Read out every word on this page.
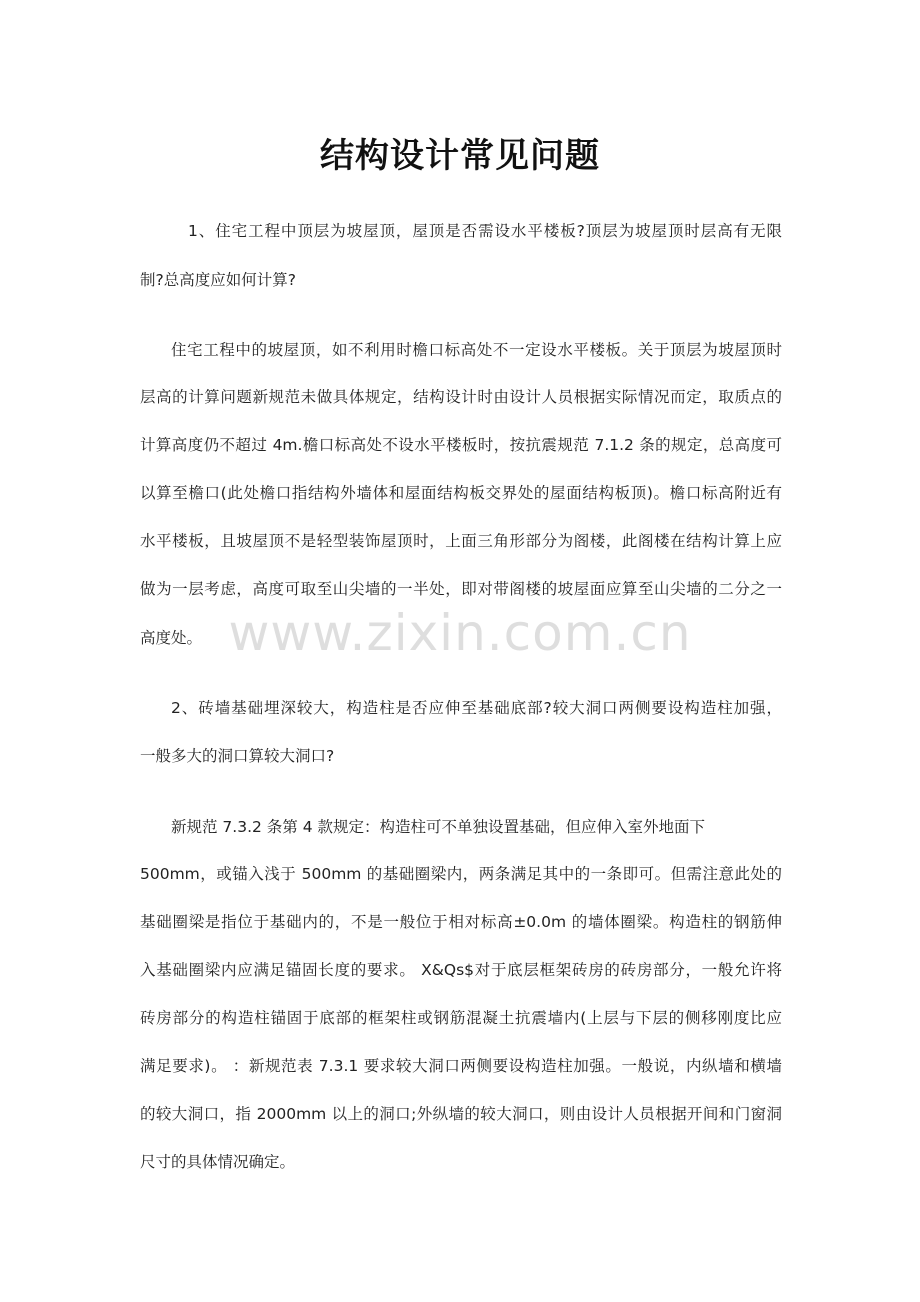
结构设计常见问题
1、住宅工程中顶层为坡屋顶，屋顶是否需设水平楼板?顶层为坡屋顶时层高有无限
制?总高度应如何计算?
住宅工程中的坡屋顶，如不利用时檐口标高处不一定设水平楼板。关于顶层为坡屋顶时
层高的计算问题新规范未做具体规定，结构设计时由设计人员根据实际情况而定，取质点的
计算高度仍不超过 4m.檐口标高处不设水平楼板时，按抗震规范 7.1.2 条的规定，总高度可
以算至檐口(此处檐口指结构外墙体和屋面结构板交界处的屋面结构板顶)。檐口标高附近有
水平楼板，且坡屋顶不是轻型装饰屋顶时，上面三角形部分为阁楼，此阁楼在结构计算上应
做为一层考虑，高度可取至山尖墙的一半处，即对带阁楼的坡屋面应算至山尖墙的二分之一
高度处。 www.zixin.com.cn
2、砖墙基础埋深较大，构造柱是否应伸至基础底部?较大洞口两侧要设构造柱加强，
一般多大的洞口算较大洞口?
新规范 7.3.2 条第 4 款规定：构造柱可不单独设置基础，但应伸入室外地面下
500mm，或锚入浅于 500mm 的基础圈梁内，两条满足其中的一条即可。但需注意此处的
基础圈梁是指位于基础内的，不是一般位于相对标高±0.0m 的墙体圈梁。构造柱的钢筋伸
入基础圈梁内应满足锚固长度的要求。 X&Qs$对于底层框架砖房的砖房部分，一般允许将
砖房部分的构造柱锚固于底部的框架柱或钢筋混凝土抗震墙内(上层与下层的侧移刚度比应
满足要求)。 ：新规范表 7.3.1 要求较大洞口两侧要设构造柱加强。一般说，内纵墙和横墙
的较大洞口，指 2000mm 以上的洞口;外纵墙的较大洞口，则由设计人员根据开间和门窗洞
尺寸的具体情况确定。
